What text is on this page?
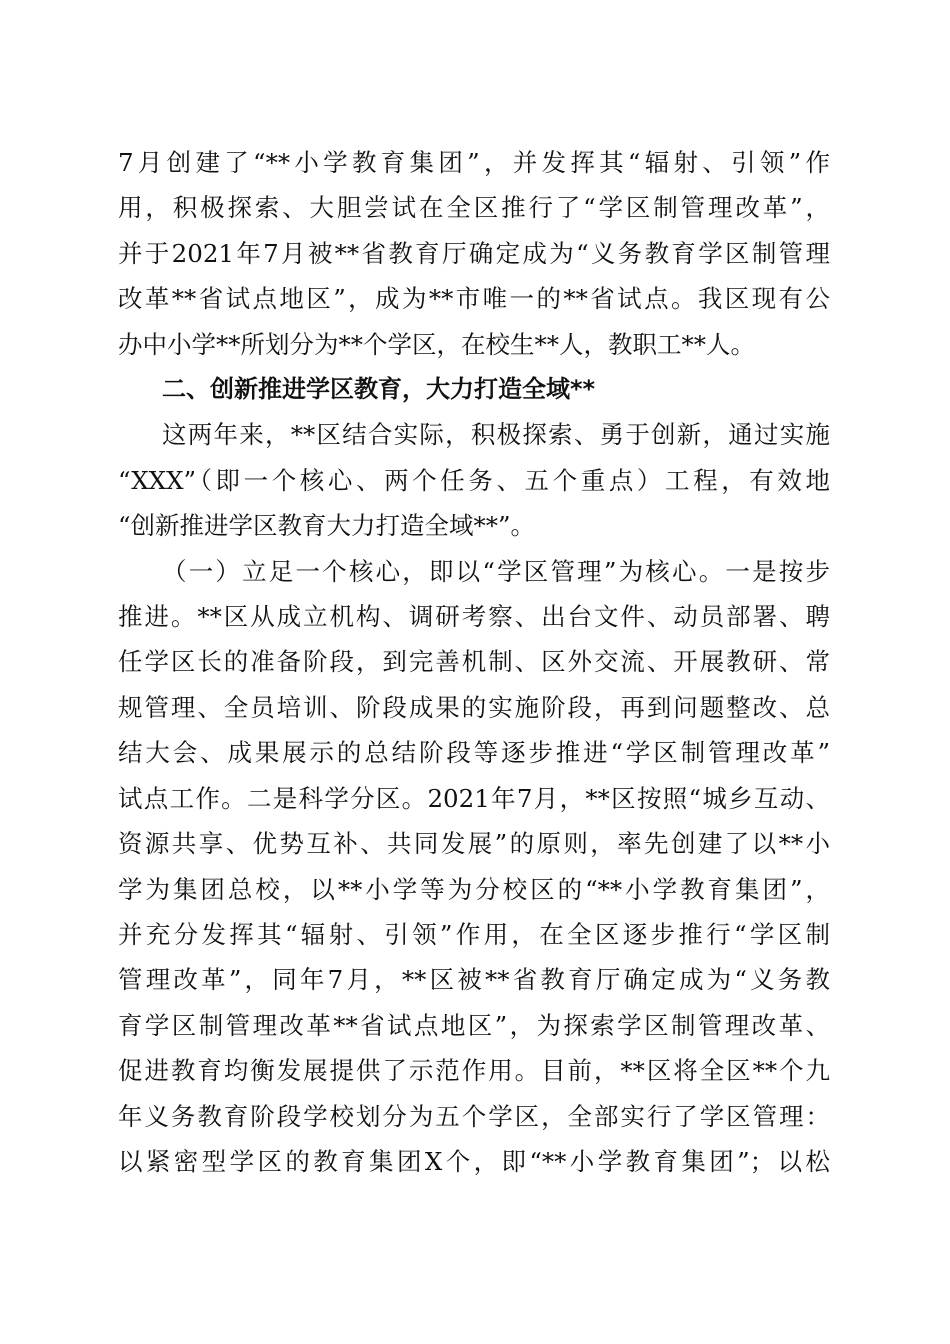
7月创建了“**小学教育集团”，并发挥其“辐射、引领”作
用，积极探索、大胆尝试在全区推行了“学区制管理改革”，
并于2021年7月被**省教育厅确定成为“义务教育学区制管理
改革**省试点地区”，成为**市唯一的**省试点。我区现有公
办中小学**所划分为**个学区，在校生**人，教职工**人。
二、创新推进学区教育，大力打造全域**
这两年来，**区结合实际，积极探索、勇于创新，通过实施
“XXX”（即一个核心、两个任务、五个重点）工程，有效地
“创新推进学区教育大力打造全域**”。
（一）立足一个核心，即以“学区管理”为核心。一是按步
推进。**区从成立机构、调研考察、出台文件、动员部署、聘
任学区长的准备阶段，到完善机制、区外交流、开展教研、常
规管理、全员培训、阶段成果的实施阶段，再到问题整改、总
结大会、成果展示的总结阶段等逐步推进“学区制管理改革”
试点工作。二是科学分区。2021年7月，**区按照“城乡互动、
资源共享、优势互补、共同发展”的原则，率先创建了以**小
学为集团总校，以**小学等为分校区的“**小学教育集团”，
并充分发挥其“辐射、引领”作用，在全区逐步推行“学区制
管理改革”，同年7月，**区被**省教育厅确定成为“义务教
育学区制管理改革**省试点地区”，为探索学区制管理改革、
促进教育均衡发展提供了示范作用。目前，**区将全区**个九
年义务教育阶段学校划分为五个学区，全部实行了学区管理：
以紧密型学区的教育集团X个，即“**小学教育集团”；以松
